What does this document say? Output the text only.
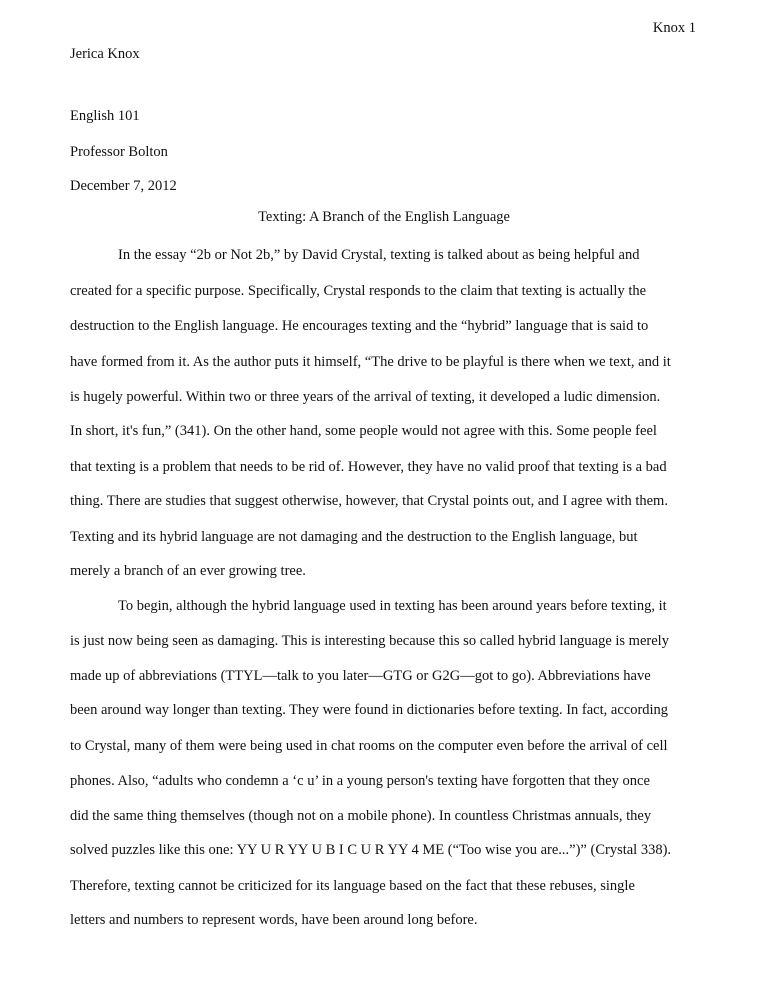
Knox 1
Jerica Knox
English 101
Professor Bolton
December 7, 2012
Texting: A Branch of the English Language
In the essay “2b or Not 2b,” by David Crystal, texting is talked about as being helpful and
created for a specific purpose. Specifically, Crystal responds to the claim that texting is actually the
destruction to the English language. He encourages texting and the “hybrid” language that is said to
have formed from it. As the author puts it himself, “The drive to be playful is there when we text, and it
is hugely powerful. Within two or three years of the arrival of texting, it developed a ludic dimension.
In short, it's fun,” (341). On the other hand, some people would not agree with this. Some people feel
that texting is a problem that needs to be rid of. However, they have no valid proof that texting is a bad
thing. There are studies that suggest otherwise, however, that Crystal points out, and I agree with them.
Texting and its hybrid language are not damaging and the destruction to the English language, but
merely a branch of an ever growing tree.
To begin, although the hybrid language used in texting has been around years before texting, it
is just now being seen as damaging. This is interesting because this so called hybrid language is merely
made up of abbreviations (TTYL—talk to you later—GTG or G2G—got to go). Abbreviations have
been around way longer than texting. They were found in dictionaries before texting. In fact, according
to Crystal, many of them were being used in chat rooms on the computer even before the arrival of cell
phones. Also, “adults who condemn a ‘c u’ in a young person's texting have forgotten that they once
did the same thing themselves (though not on a mobile phone). In countless Christmas annuals, they
solved puzzles like this one: YY U R YY U B I C U R YY 4 ME (“Too wise you are...”)” (Crystal 338).
Therefore, texting cannot be criticized for its language based on the fact that these rebuses, single
letters and numbers to represent words, have been around long before.
